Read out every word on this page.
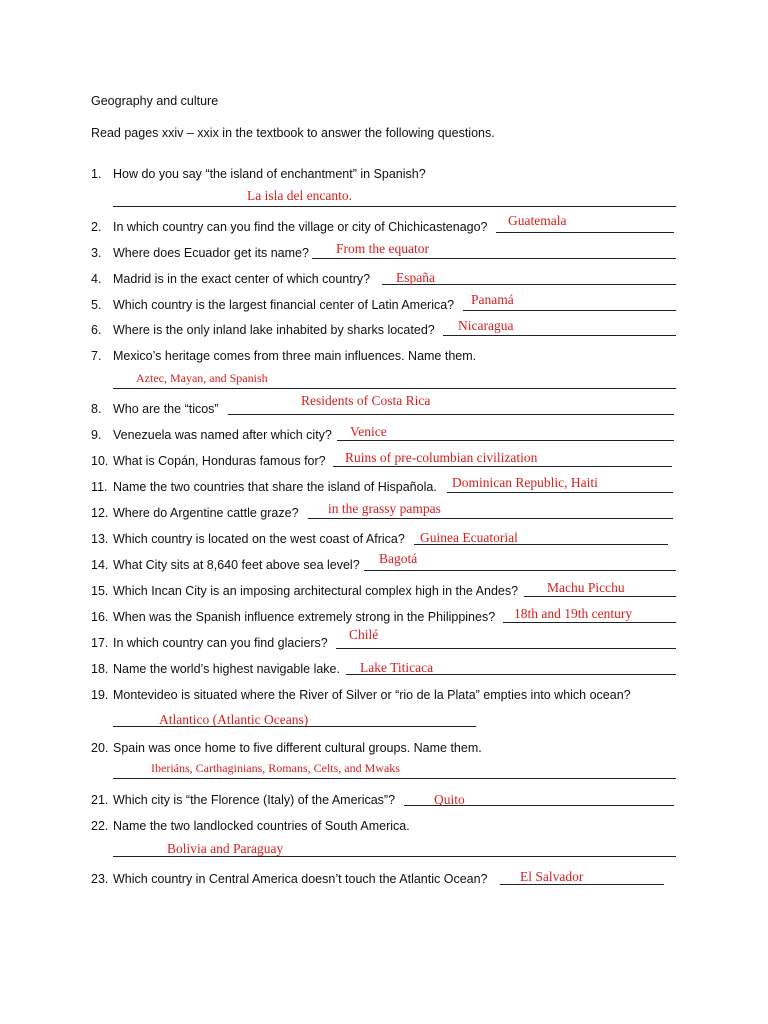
Geography and culture
Read pages xxiv – xxix in the textbook to answer the following questions.
1. How do you say “the island of enchantment” in Spanish?
La isla del encanto.
2. In which country can you find the village or city of Chichicastenago? Guatemala
3. Where does Ecuador get its name? From the equator
4. Madrid is in the exact center of which country? España
5. Which country is the largest financial center of Latin America? Panamá
6. Where is the only inland lake inhabited by sharks located? Nicaragua
7. Mexico’s heritage comes from three main influences. Name them.
Aztec, Mayan, and Spanish
8. Who are the “ticos”
Residents of Costa Rica
9. Venezuela was named after which city? Venice
10. What is Copán, Honduras famous for? Ruins of pre-columbian civilization
11. Name the two countries that share the island of Hispañola. Dominican Republic, Haiti
12. Where do Argentine cattle graze? in the grassy pampas
13. Which country is located on the west coast of Africa? Guinea Ecuatorial
14. What City sits at 8,640 feet above sea level? Bagotá
15. Which Incan City is an imposing architectural complex high in the Andes? Machu Picchu
16. When was the Spanish influence extremely strong in the Philippines? 18th and 19th century
17. In which country can you find glaciers?
Chilé
18. Name the world’s highest navigable lake. Lake Titicaca
19. Montevideo is situated where the River of Silver or “rio de la Plata” empties into which ocean?
Atlantico (Atlantic Oceans)
20. Spain was once home to five different cultural groups. Name them.
Iberiáns, Carthaginians, Romans, Celts, and Mwaks
21. Which city is “the Florence (Italy) of the Americas”?	Quito
22. Name the two landlocked countries of South America.
Bolivia and Paraguay
23. Which country in Central America doesn’t touch the Atlantic Ocean? El Salvador
